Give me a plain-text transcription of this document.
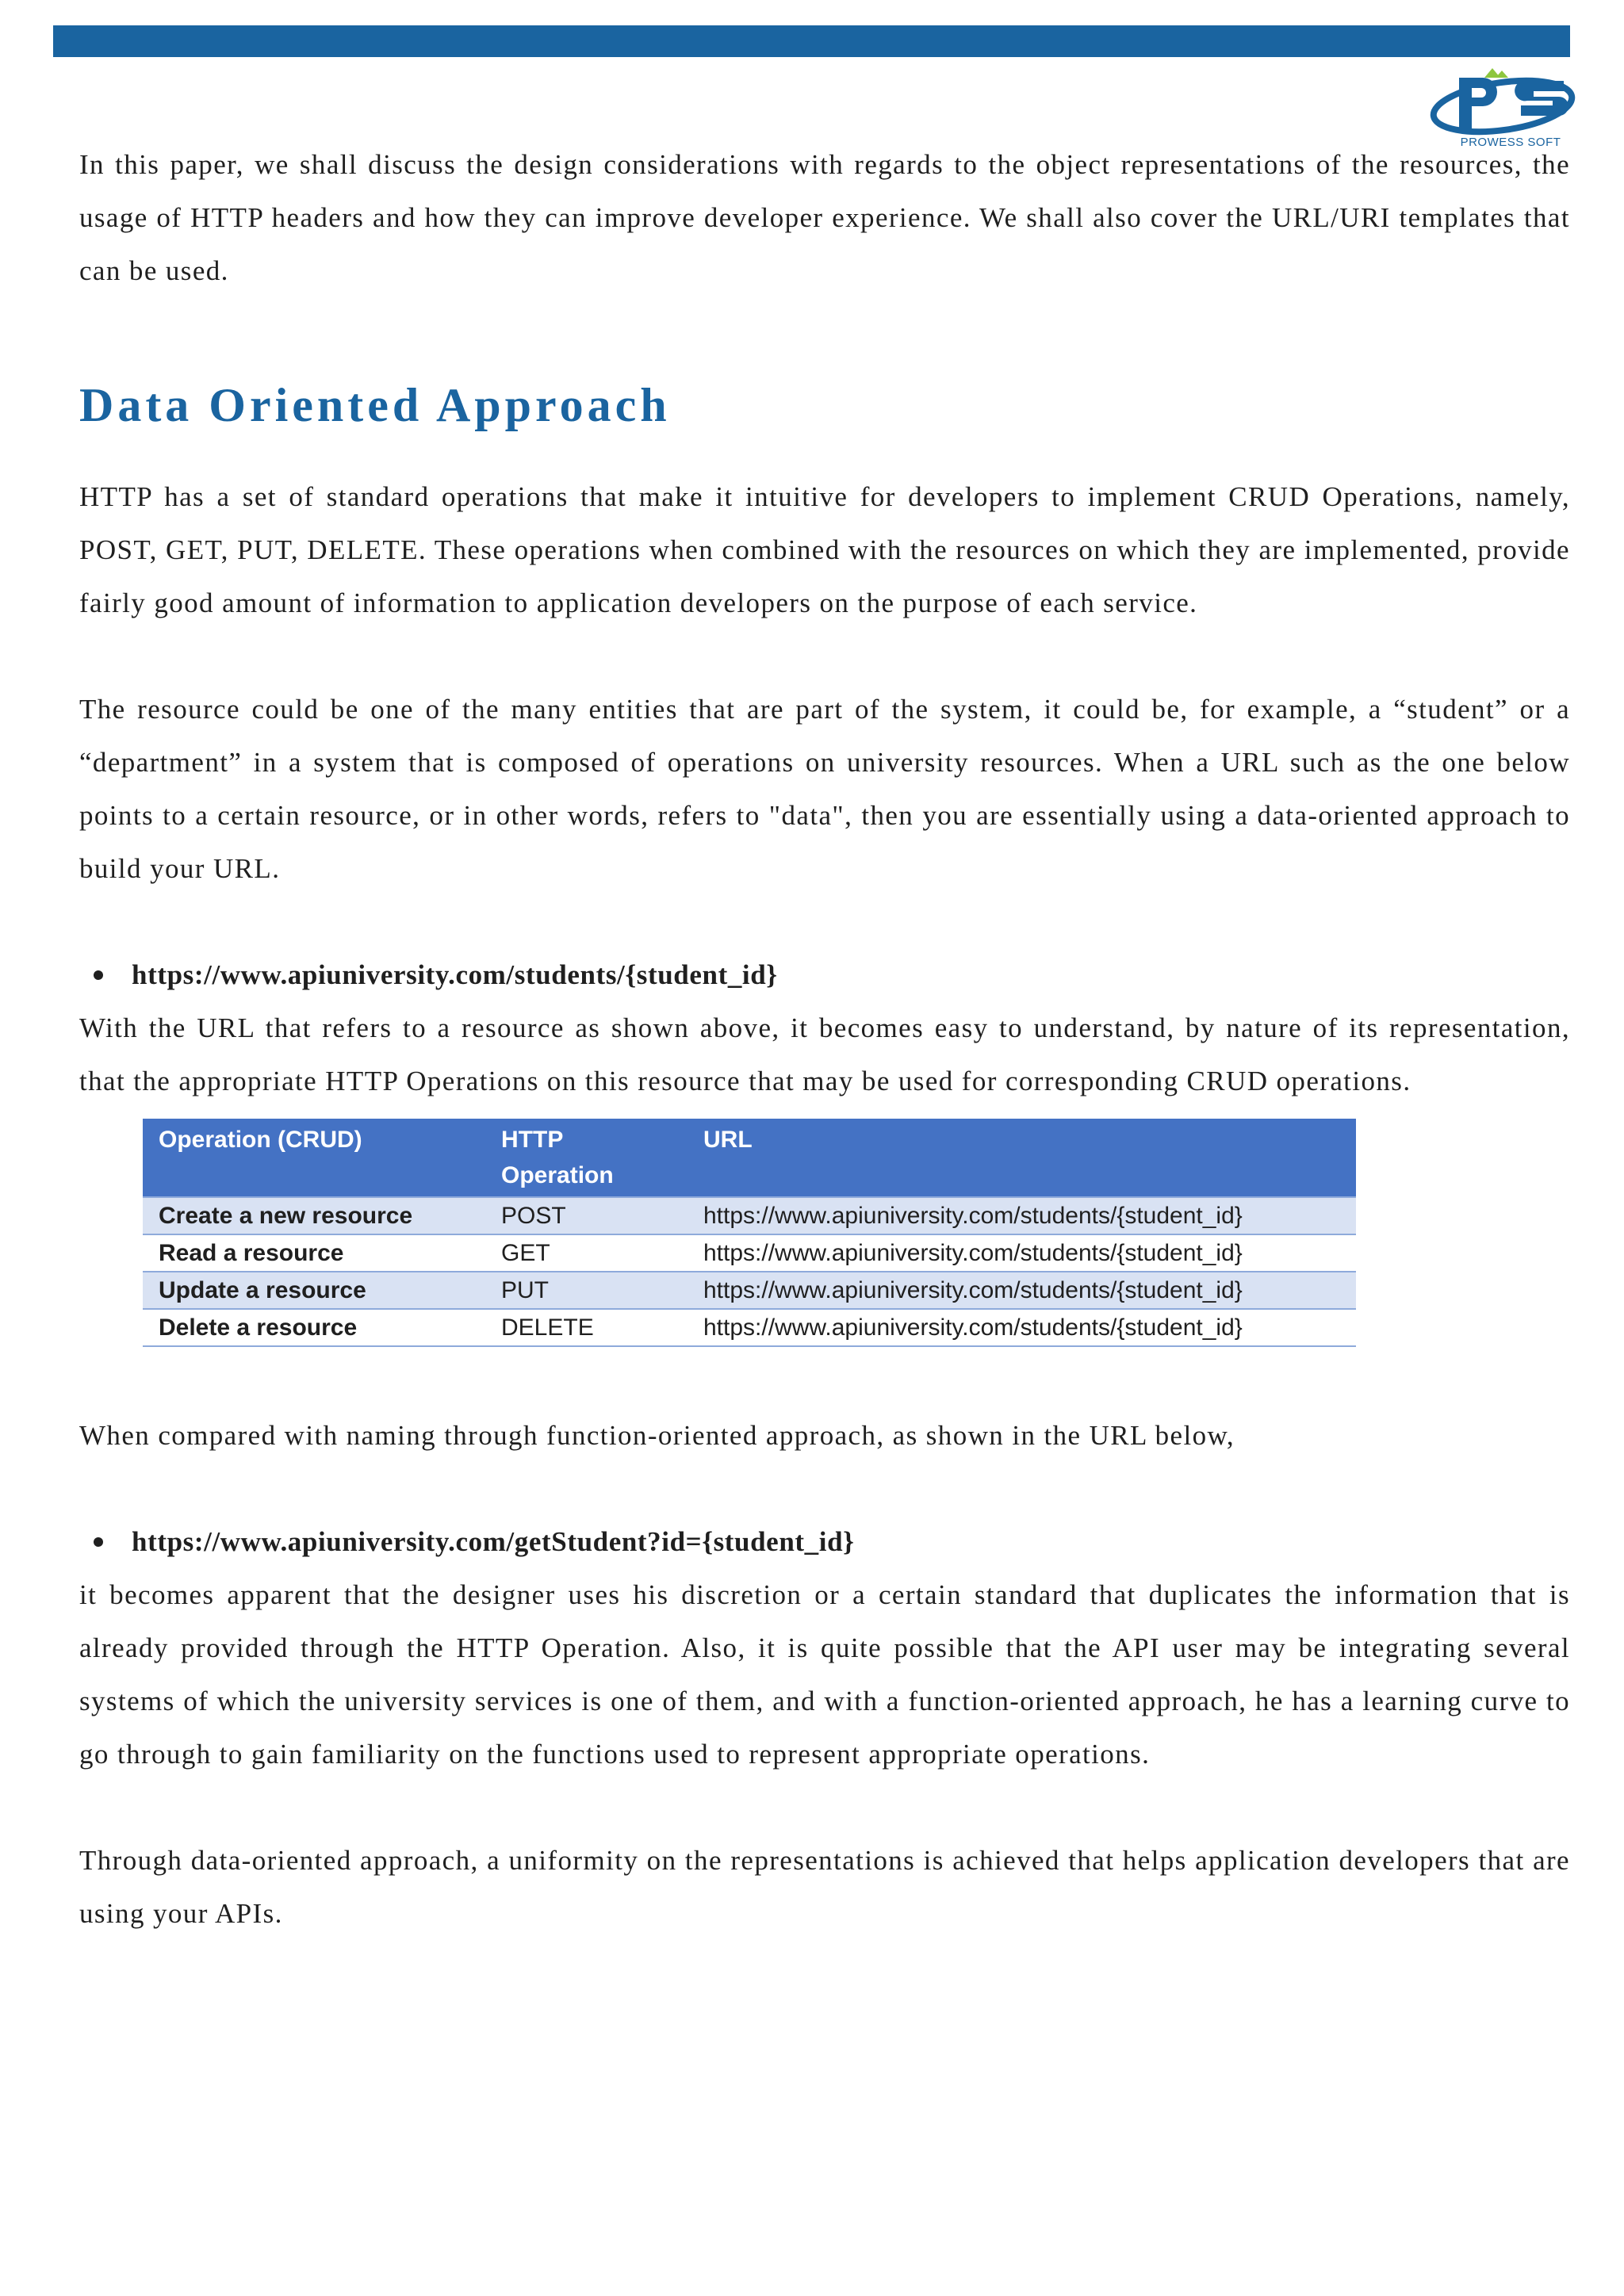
PROWESS SOFT

In this paper, we shall discuss the design considerations with regards to the object representations of the resources, the usage of HTTP headers and how they can improve developer experience. We shall also cover the URL/URI templates that can be used.

Data Oriented Approach

HTTP has a set of standard operations that make it intuitive for developers to implement CRUD Operations, namely, POST, GET, PUT, DELETE. These operations when combined with the resources on which they are implemented, provide fairly good amount of information to application developers on the purpose of each service.

The resource could be one of the many entities that are part of the system, it could be, for example, a “student” or a “department” in a system that is composed of operations on university resources. When a URL such as the one below points to a certain resource, or in other words, refers to "data", then you are essentially using a data-oriented approach to build your URL.

https://www.apiuniversity.com/students/{student_id}

With the URL that refers to a resource as shown above, it becomes easy to understand, by nature of its representation, that the appropriate HTTP Operations on this resource that may be used for corresponding CRUD operations.

Operation (CRUD)	HTTP Operation	URL
Create a new resource	POST	https://www.apiuniversity.com/students/{student_id}
Read a resource	GET	https://www.apiuniversity.com/students/{student_id}
Update a resource	PUT	https://www.apiuniversity.com/students/{student_id}
Delete a resource	DELETE	https://www.apiuniversity.com/students/{student_id}

When compared with naming through function-oriented approach, as shown in the URL below,

https://www.apiuniversity.com/getStudent?id={student_id}

it becomes apparent that the designer uses his discretion or a certain standard that duplicates the information that is already provided through the HTTP Operation. Also, it is quite possible that the API user may be integrating several systems of which the university services is one of them, and with a function-oriented approach, he has a learning curve to go through to gain familiarity on the functions used to represent appropriate operations.

Through data-oriented approach, a uniformity on the representations is achieved that helps application developers that are using your APIs.
